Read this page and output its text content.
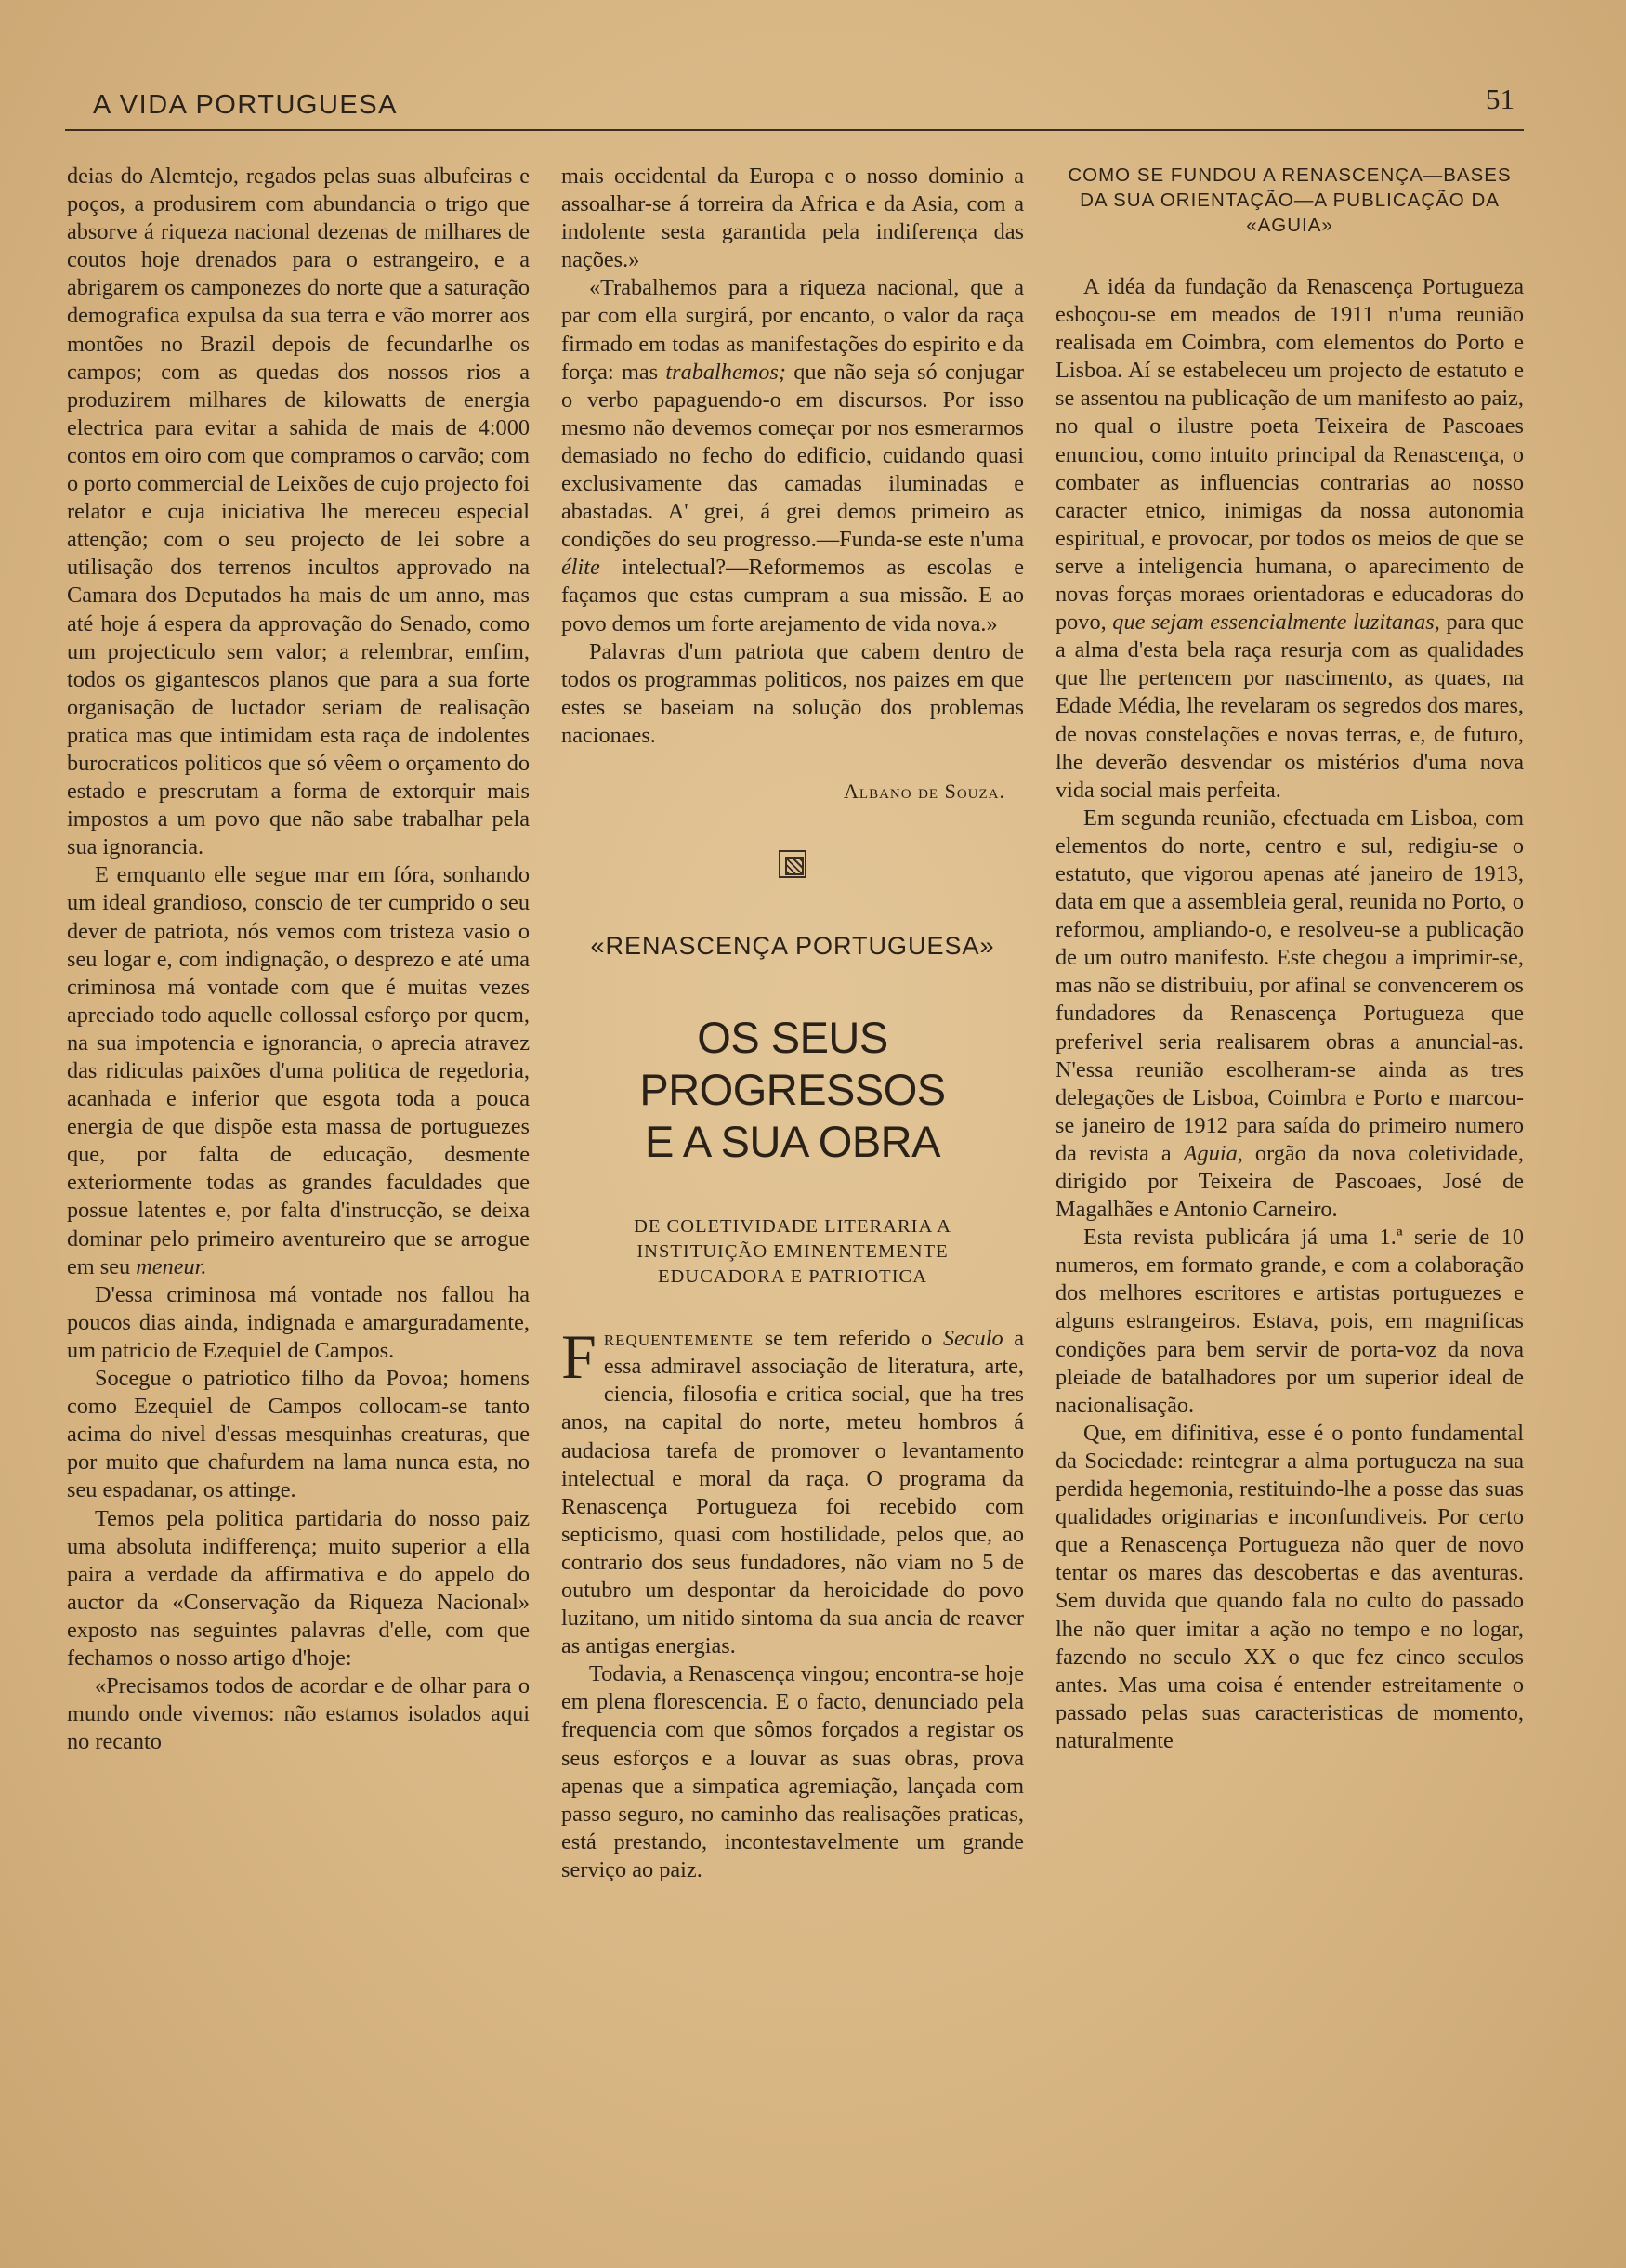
A VIDA PORTUGUESA	51

deias do Alemtejo, regados pelas suas albufeiras e poços, a produsirem com abundancia o trigo que absorve á riqueza nacional dezenas de milhares de coutos hoje drenados para o estrangeiro, e a abrigarem os camponezes do norte que a saturação demografica expulsa da sua terra e vão morrer aos montões no Brazil depois de fecundarlhe os campos; com as quedas dos nossos rios a produzirem milhares de kilowatts de energia electrica para evitar a sahida de mais de 4:000 contos em oiro com que compramos o carvão; com o porto commercial de Leixões de cujo projecto foi relator e cuja iniciativa lhe mereceu especial attenção; com o seu projecto de lei sobre a utilisação dos terrenos incultos approvado na Camara dos Deputados ha mais de um anno, mas até hoje á espera da approvação do Senado, como um projecticulo sem valor; a relembrar, emfim, todos os gigantescos planos que para a sua forte organisação de luctador seriam de realisação pratica mas que intimidam esta raça de indolentes burocraticos politicos que só vêem o orçamento do estado e prescrutam a forma de extorquir mais impostos a um povo que não sabe trabalhar pela sua ignorancia.

E emquanto elle segue mar em fóra, sonhando um ideal grandioso, conscio de ter cumprido o seu dever de patriota, nós vemos com tristeza vasio o seu logar e, com indignação, o desprezo e até uma criminosa má vontade com que é muitas vezes apreciado todo aquelle collossal esforço por quem, na sua impotencia e ignorancia, o aprecia atravez das ridiculas paixões d'uma politica de regedoria, acanhada e inferior que esgota toda a pouca energia de que dispõe esta massa de portuguezes que, por falta de educação, desmente exteriormente todas as grandes faculdades que possue latentes e, por falta d'instrucção, se deixa dominar pelo primeiro aventureiro que se arrogue em seu meneur.

D'essa criminosa má vontade nos fallou ha poucos dias ainda, indignada e amarguradamente, um patricio de Ezequiel de Campos.

Socegue o patriotico filho da Povoa; homens como Ezequiel de Campos collocam-se tanto acima do nivel d'essas mesquinhas creaturas, que por muito que chafurdem na lama nunca esta, no seu espadanar, os attinge.

Temos pela politica partidaria do nosso paiz uma absoluta indifferença; muito superior a ella paira a verdade da affirmativa e do appelo do auctor da «Conservação da Riqueza Nacional» exposto nas seguintes palavras d'elle, com que fechamos o nosso artigo d'hoje:

«Precisamos todos de acordar e de olhar para o mundo onde vivemos: não estamos isolados aqui no recanto

mais occidental da Europa e o nosso dominio a assoalhar-se á torreira da Africa e da Asia, com a indolente sesta garantida pela indiferença das nações.»

«Trabalhemos para a riqueza nacional, que a par com ella surgirá, por encanto, o valor da raça firmado em todas as manifestações do espirito e da força: mas trabalhemos; que não seja só conjugar o verbo papaguendo-o em discursos. Por isso mesmo não devemos começar por nos esmerarmos demasiado no fecho do edificio, cuidando quasi exclusivamente das camadas iluminadas e abastadas. A' grei, á grei demos primeiro as condições do seu progresso.—Funda-se este n'uma élite intelectual?—Reformemos as escolas e façamos que estas cumpram a sua missão. E ao povo demos um forte arejamento de vida nova.»

Palavras d'um patriota que cabem dentro de todos os programmas politicos, nos paizes em que estes se baseiam na solução dos problemas nacionaes.

Albano de Souza.

«RENASCENÇA PORTUGUESA»

OS SEUS PROGRESSOS
E A SUA OBRA

DE COLETIVIDADE LITERARIA A INSTITUIÇÃO EMINENTEMENTE EDUCADORA E PATRIOTICA

Frequentemente se tem referido o Seculo a essa admiravel associação de literatura, arte, ciencia, filosofia e critica social, que ha tres anos, na capital do norte, meteu hombros á audaciosa tarefa de promover o levantamento intelectual e moral da raça. O programa da Renascença Portugueza foi recebido com septicismo, quasi com hostilidade, pelos que, ao contrario dos seus fundadores, não viam no 5 de outubro um despontar da heroicidade do povo luzitano, um nitido sintoma da sua ancia de reaver as antigas energias.

Todavia, a Renascença vingou; encontra-se hoje em plena florescencia. E o facto, denunciado pela frequencia com que sômos forçados a registar os seus esforços e a louvar as suas obras, prova apenas que a simpatica agremiação, lançada com passo seguro, no caminho das realisações praticas, está prestando, incontestavelmente um grande serviço ao paiz.

COMO SE FUNDOU A RENASCENÇA—BASES DA SUA ORIENTAÇÃO—A PUBLICAÇÃO DA «AGUIA»

A idéa da fundação da Renascença Portugueza esboçou-se em meados de 1911 n'uma reunião realisada em Coimbra, com elementos do Porto e Lisboa. Aí se estabeleceu um projecto de estatuto e se assentou na publicação de um manifesto ao paiz, no qual o ilustre poeta Teixeira de Pascoaes enunciou, como intuito principal da Renascença, o combater as influencias contrarias ao nosso caracter etnico, inimigas da nossa autonomia espiritual, e provocar, por todos os meios de que se serve a inteligencia humana, o aparecimento de novas forças moraes orientadoras e educadoras do povo, que sejam essencialmente luzitanas, para que a alma d'esta bela raça resurja com as qualidades que lhe pertencem por nascimento, as quaes, na Edade Média, lhe revelaram os segredos dos mares, de novas constelações e novas terras, e, de futuro, lhe deverão desvendar os mistérios d'uma nova vida social mais perfeita.

Em segunda reunião, efectuada em Lisboa, com elementos do norte, centro e sul, redigiu-se o estatuto, que vigorou apenas até janeiro de 1913, data em que a assembleia geral, reunida no Porto, o reformou, ampliando-o, e resolveu-se a publicação de um outro manifesto. Este chegou a imprimir-se, mas não se distribuiu, por afinal se convencerem os fundadores da Renascença Portugueza que preferivel seria realisarem obras a anuncial-as. N'essa reunião escolheram-se ainda as tres delegações de Lisboa, Coimbra e Porto e marcou-se janeiro de 1912 para saída do primeiro numero da revista a Aguia, orgão da nova coletividade, dirigido por Teixeira de Pascoaes, José de Magalhães e Antonio Carneiro.

Esta revista publicára já uma 1.ª serie de 10 numeros, em formato grande, e com a colaboração dos melhores escritores e artistas portuguezes e alguns estrangeiros. Estava, pois, em magnificas condições para bem servir de porta-voz da nova pleiade de batalhadores por um superior ideal de nacionalisação.

Que, em difinitiva, esse é o ponto fundamental da Sociedade: reintegrar a alma portugueza na sua perdida hegemonia, restituindo-lhe a posse das suas qualidades originarias e inconfundiveis. Por certo que a Renascença Portugueza não quer de novo tentar os mares das descobertas e das aventuras. Sem duvida que quando fala no culto do passado lhe não quer imitar a ação no tempo e no logar, fazendo no seculo XX o que fez cinco seculos antes. Mas uma coisa é entender estreitamente o passado pelas suas caracteristicas de momento, naturalmente
